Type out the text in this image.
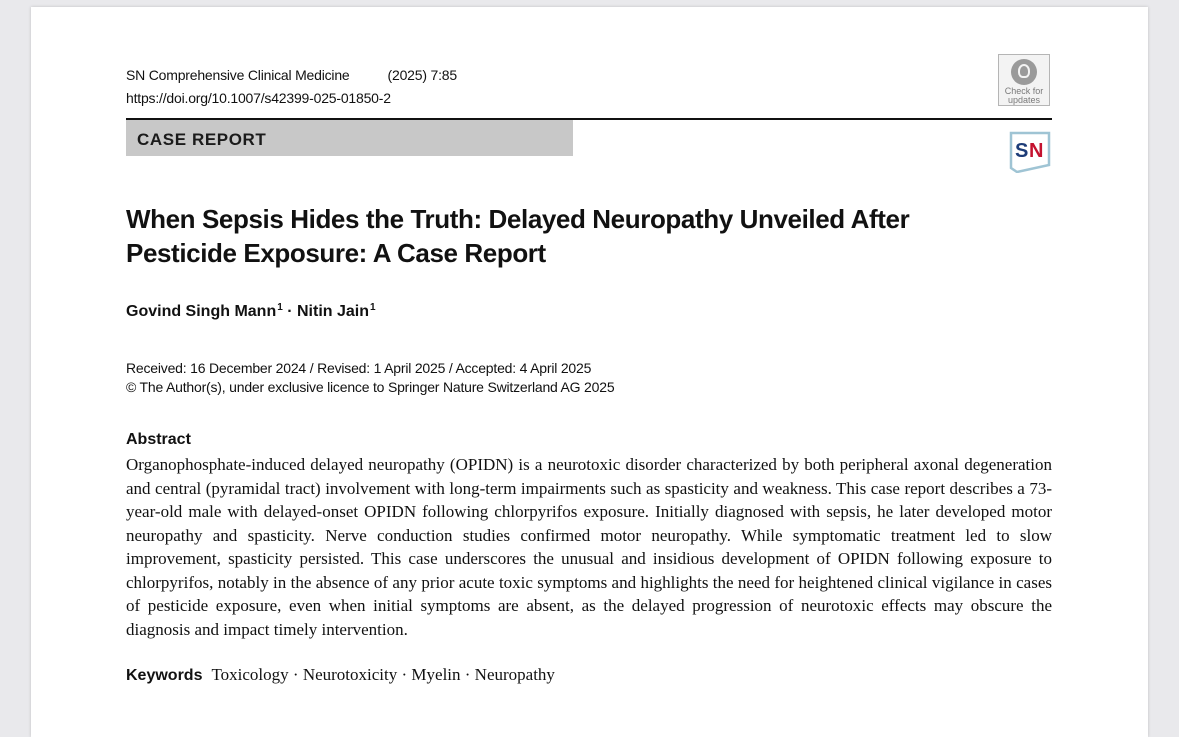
SN Comprehensive Clinical Medicine	(2025) 7:85
https://doi.org/10.1007/s42399-025-01850-2	Check for
updates
CASE REPORT
S N
When Sepsis Hides the Truth: Delayed Neuropathy Unveiled After Pesticide Exposure: A Case Report
Govind Singh Mann$^1$ · Nitin Jain$^1$
Received: 16 December 2024 / Revised: 1 April 2025 / Accepted: 4 April 2025
© The Author(s), under exclusive licence to Springer Nature Switzerland AG 2025
Abstract

Organophosphate-induced delayed neuropathy (OPIDN) is a neurotoxic disorder characterized by both peripheral axonal degeneration and central (pyramidal tract) involvement with long-term impairments such as spasticity and weakness. This case report describes a 73-year-old male with delayed-onset OPIDN following chlorpyrifos exposure. Initially diagnosed with sepsis, he later developed motor neuropathy and spasticity. Nerve conduction studies confirmed motor neuropathy. While symptomatic treatment led to slow improvement, spasticity persisted. This case underscores the unusual and insidious development of OPIDN following exposure to chlorpyrifos, notably in the absence of any prior acute toxic symptoms and highlights the need for heightened clinical vigilance in cases of pesticide exposure, even when initial symptoms are absent, as the delayed progression of neurotoxic effects may obscure the diagnosis and impact timely intervention.

Keywords Toxicology · Neurotoxicity · Myelin · Neuropathy
